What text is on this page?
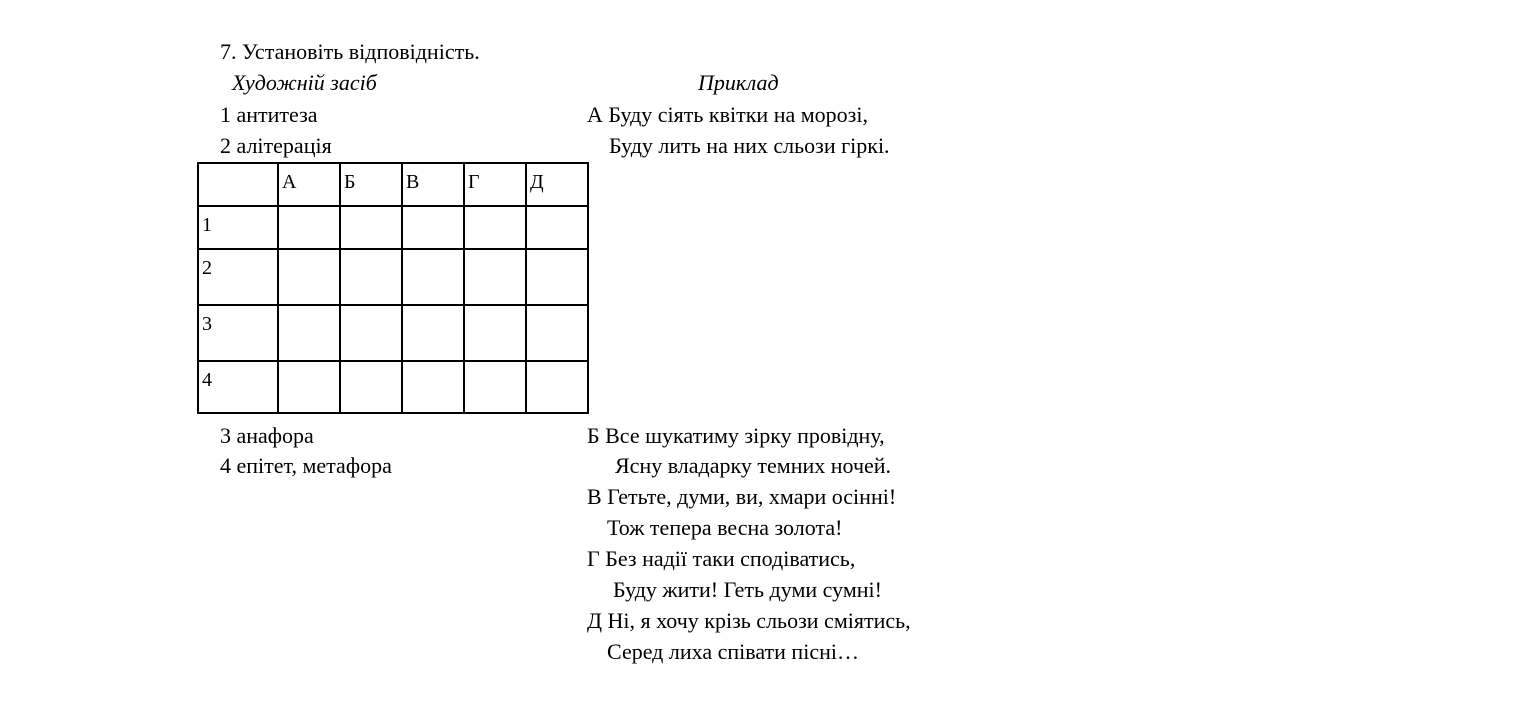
7. Установіть відповідність.
Художній засіб	Приклад
1 антитеза
2 алітерація
3 анафора
4 епітет, метафора
А Буду сіять квітки на морозі,
Буду лить на них сльози гіркі.
Б Все шукатиму зірку провідну,
Ясну владарку темних ночей.
В Гетьте, думи, ви, хмари осінні!
Тож тепера весна золота!
Г Без надії таки сподіватись,
Буду жити! Геть думи сумні!
Д Ні, я хочу крізь сльози сміятись,
Серед лиха співати пісні…

	А	Б	В	Г	Д

1					

2					

3					

4					
